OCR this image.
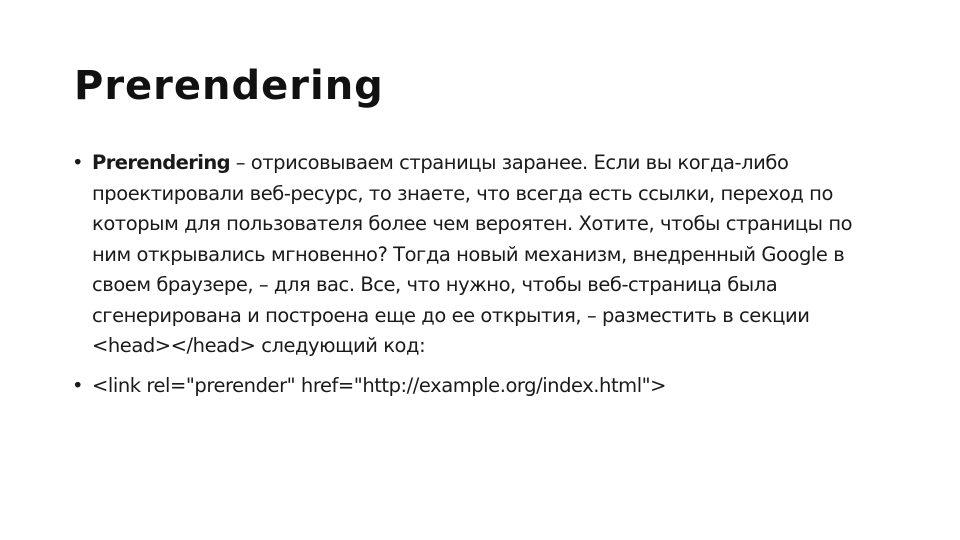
Prerendering
• Prerendering – отрисовываем страницы заранее. Если вы когда-либо проектировали веб-ресурс, то знаете, что всегда есть ссылки, переход по которым для пользователя более чем вероятен. Хотите, чтобы страницы по ним открывались мгновенно? Тогда новый механизм, внедренный Google в своем браузере, – для вас. Все, что нужно, чтобы веб-страница была сгенерирована и построена еще до ее открытия, – разместить в секции <head></head> следующий код:
• <link rel="prerender" href="http://example.org/index.html">
